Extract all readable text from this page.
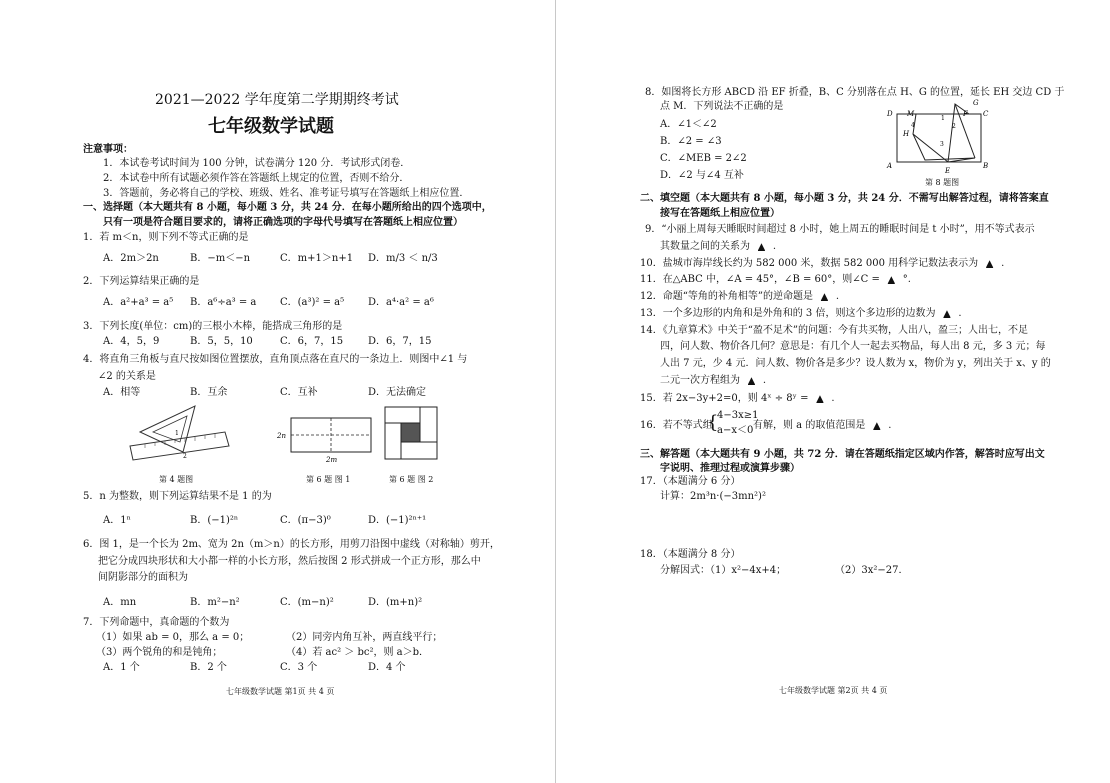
2021—2022 学年度第二学期期终考试
七年级数学试题
注意事项：
1．本试卷考试时间为 100 分钟，试卷满分 120 分．考试形式闭卷．
2．本试卷中所有试题必须作答在答题纸上规定的位置，否则不给分．
3．答题前，务必将自己的学校、班级、姓名、准考证号填写在答题纸上相应位置．
一、选择题（本大题共有 8 小题，每小题 3 分，共 24 分．在每小题所给出的四个选项中，
只有一项是符合题目要求的，请将正确选项的字母代号填写在答题纸上相应位置）
1．若 m＜n，则下列不等式正确的是
A．2m＞2n	B．−m＜−n	C．m+1＞n+1 D．m/3 ＜ n/3
2．下列运算结果正确的是
A．a²+a³ = a⁵ B．a⁶÷a³ = a C．(a³)² = a⁵ D．a⁴·a² = a⁶
3．下列长度(单位：cm)的三根小木棒，能搭成三角形的是
A．4，5，9	B．5，5，10	C．6，7，15 D．6，7，15
4．将直角三角板与直尺按如图位置摆放，直角顶点落在直尺的一条边上．则图中∠1 与
∠2 的关系是
A．相等	B．互余	C．互补	D．无法确定
1
2
第 4 题图
2n
2m
第 6 题 图 1	第 6 题 图 2
5．n 为整数，则下列运算结果不是 1 的为
A．1ⁿ	B．(−1)²ⁿ	C．(π−3)⁰	D．(−1)²ⁿ⁺¹
6．图 1，是一个长为 2m、宽为 2n（m＞n）的长方形，用剪刀沿图中虚线（对称轴）剪开，
把它分成四块形状和大小都一样的小长方形，然后按图 2 形式拼成一个正方形，那么中
间阴影部分的面积为
A．mn	B．m²−n²	C．(m−n)²	D．(m+n)²
7．下列命题中，真命题的个数为
（1）如果 ab = 0，那么 a = 0；	（2）同旁内角互补，两直线平行；
（3）两个锐角的和是钝角；	（4）若 ac² ＞ bc²，则 a＞b．
A．1 个	B．2 个	C．3 个	D．4 个
七年级数学试题 第1页 共 4 页
8．如图将长方形 ABCD 沿 EF 折叠，B、C 分别落在点 H、G 的位置，延长 EH 交边 CD 于
点 M．下列说法不正确的是
A．∠1＜∠2
B．∠2 = ∠3
C．∠MEB = 2∠2
D．∠2 与∠4 互补
D M
G
F C
H
A
E
B
1
2
3
4
第 8 题图
二、填空题（本大题共有 8 小题，每小题 3 分，共 24 分．不需写出解答过程，请将答案直
接写在答题纸上相应位置）
9．“小丽上周每天睡眠时间超过 8 小时，她上周五的睡眠时间是 t 小时”，用不等式表示
其数量之间的关系为 ▲ .
10．盐城市海岸线长约为 582 000 米，数据 582 000 用科学记数法表示为 ▲ .
11．在△ABC 中，∠A = 45°，∠B = 60°，则∠C = ▲ °.
12．命题“等角的补角相等”的逆命题是 ▲ .
13．一个多边形的内角和是外角和的 3 倍，则这个多边形的边数为 ▲ .
14．《九章算术》中关于“盈不足术”的问题：今有共买物，人出八，盈三；人出七，不足
四，问人数、物价各几何？意思是：有几个人一起去买物品，每人出 8 元，多 3 元；每
人出 7 元，少 4 元．问人数、物价各是多少？设人数为 x，物价为 y，列出关于 x、y 的
二元一次方程组为 ▲ .
15．若 2x−3y+2=0，则 4ˣ ÷ 8ʸ = ▲ .
16．若不等式组
{
4−3x≥1
a−x＜0 有解，则 a 的取值范围是 ▲ .
三、解答题（本大题共有 9 小题，共 72 分．请在答题纸指定区域内作答，解答时应写出文
字说明、推理过程或演算步骤）
17．（本题满分 6 分）
计算：2m³n·(−3mn²)²
18．（本题满分 8 分）
分解因式：（1）x²−4x+4；	（2）3x²−27．
七年级数学试题 第2页 共 4 页
